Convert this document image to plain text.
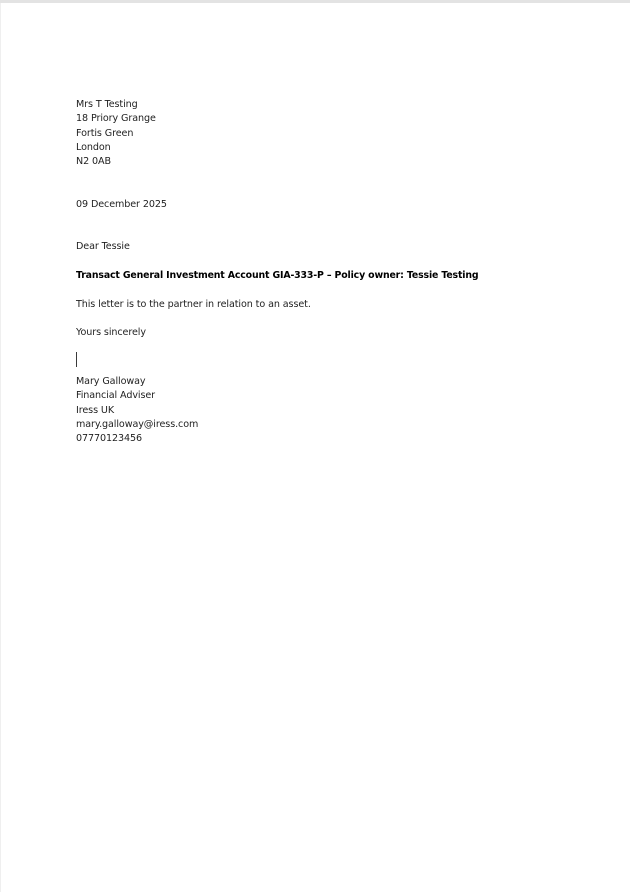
Mrs T Testing
18 Priory Grange
Fortis Green
London
N2 0AB
09 December 2025
Dear Tessie
Transact General Investment Account GIA-333-P – Policy owner: Tessie Testing
This letter is to the partner in relation to an asset.
Yours sincerely
Mary Galloway
Financial Adviser
Iress UK
mary.galloway@iress.com
07770123456
